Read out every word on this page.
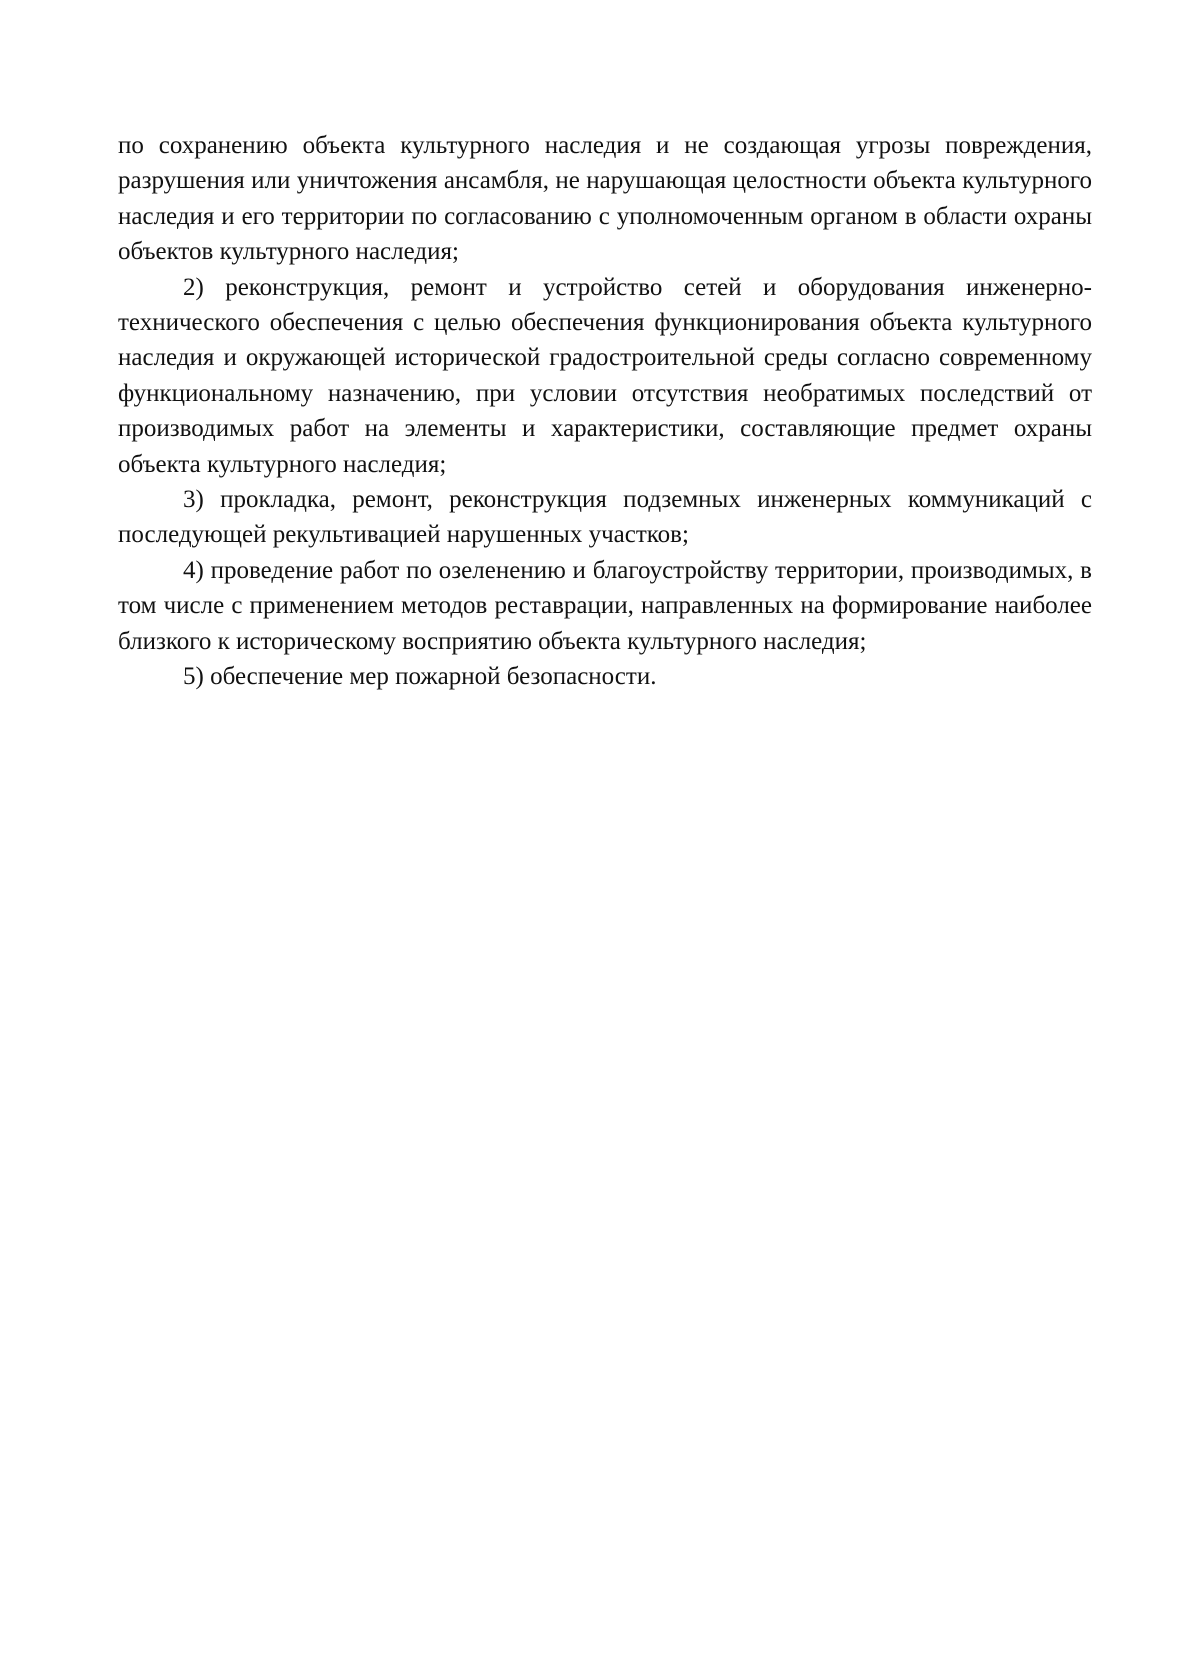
по сохранению объекта культурного наследия и не создающая угрозы повреждения, разрушения или уничтожения ансамбля, не нарушающая целостности объекта культурного наследия и его территории по согласованию с уполномоченным органом в области охраны объектов культурного наследия;

2) реконструкция, ремонт и устройство сетей и оборудования инженерно-технического обеспечения с целью обеспечения функционирования объекта культурного наследия и окружающей исторической градостроительной среды согласно современному функциональному назначению, при условии отсутствия необратимых последствий от производимых работ на элементы и характеристики, составляющие предмет охраны объекта культурного наследия;

3) прокладка, ремонт, реконструкция подземных инженерных коммуникаций с последующей рекультивацией нарушенных участков;

4) проведение работ по озеленению и благоустройству территории, производимых, в том числе с применением методов реставрации, направленных на формирование наиболее близкого к историческому восприятию объекта культурного наследия;

5) обеспечение мер пожарной безопасности.
